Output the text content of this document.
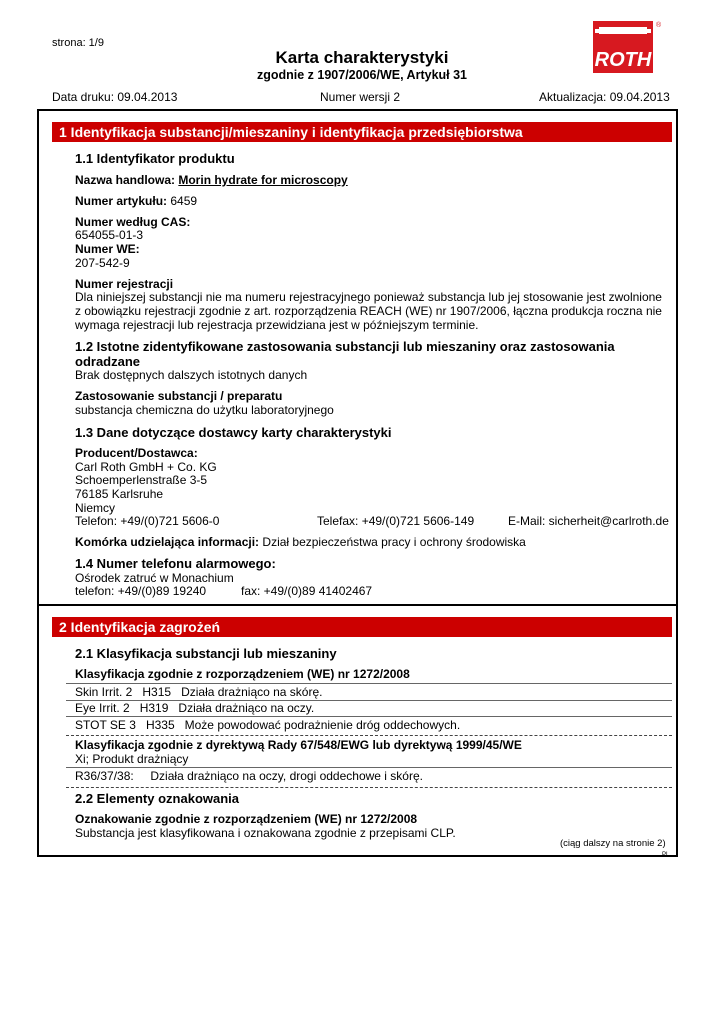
strona: 1/9
Karta charakterystyki
zgodnie z 1907/2006/WE, Artykuł 31
ROTH
®
Data druku: 09.04.2013	Numer wersji 2	Aktualizacja: 09.04.2013
1 Identyfikacja substancji/mieszaniny i identyfikacja przedsiębiorstwa
1.1 Identyfikator produktu
Nazwa handlowa: Morin hydrate for microscopy
Numer artykułu: 6459
Numer według CAS:
654055-01-3
Numer WE:
207-542-9
Numer rejestracji
Dla niniejszej substancji nie ma numeru rejestracyjnego ponieważ substancja lub jej stosowanie jest zwolnione
z obowiązku rejestracji zgodnie z art. rozporządzenia REACH (WE) nr 1907/2006, łączna produkcja roczna nie
wymaga rejestracji lub rejestracja przewidziana jest w późniejszym terminie.
1.2 Istotne zidentyfikowane zastosowania substancji lub mieszaniny oraz zastosowania
odradzane
Brak dostępnych dalszych istotnych danych
Zastosowanie substancji / preparatu
substancja chemiczna do użytku laboratoryjnego
1.3 Dane dotyczące dostawcy karty charakterystyki
Producent/Dostawca:
Carl Roth GmbH + Co. KG
Schoemperlenstraße 3-5
76185 Karlsruhe
Niemcy
Telefon: +49/(0)721 5606-0	Telefax: +49/(0)721 5606-149	E-Mail: sicherheit@carlroth.de
Komórka udzielająca informacji: Dział bezpieczeństwa pracy i ochrony środowiska
1.4 Numer telefonu alarmowego:
Ośrodek zatruć w Monachium
telefon: +49/(0)89 19240	fax: +49/(0)89 41402467
2 Identyfikacja zagrożeń
2.1 Klasyfikacja substancji lub mieszaniny
Klasyfikacja zgodnie z rozporządzeniem (WE) nr 1272/2008
Skin Irrit. 2 H315 Działa drażniąco na skórę.
Eye Irrit. 2 H319 Działa drażniąco na oczy.
STOT SE 3 H335 Może powodować podrażnienie dróg oddechowych.
Klasyfikacja zgodnie z dyrektywą Rady 67/548/EWG lub dyrektywą 1999/45/WE
Xi; Produkt drażniący
R36/37/38: Działa drażniąco na oczy, drogi oddechowe i skórę.
2.2 Elementy oznakowania
Oznakowanie zgodnie z rozporządzeniem (WE) nr 1272/2008
Substancja jest klasyfikowana i oznakowana zgodnie z przepisami CLP.
(ciąg dalszy na stronie 2)
PL
